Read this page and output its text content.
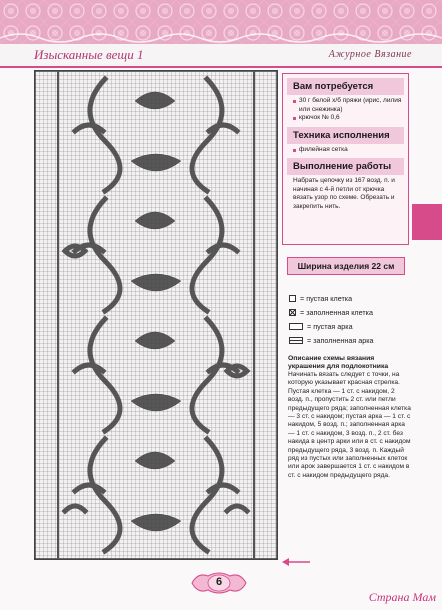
Изысканные вещи 1	Ажурное Вязание
Вам потребуется
30 г белой х/б пряжи (ирис, лилия или снежинка)
крючок № 0,6
Техника исполнения
филейная сетка
Выполнение работы
Набрать цепочку из 167 возд. п. и начиная с 4-й петли от крючка вязать узор по схеме. Обрезать и закрепить нить.
Ширина изделия 22 см
= пустая клетка
= заполненная клетка
= пустая арка
= заполненная арка
Описание схемы вязания украшения для подлокотника
Начинать вязать следует с точки, на которую указывает красная стрелка. Пустая клетка — 1 ст. с накидом, 2 возд. п., пропустить 2 ст. или петли предыдущего ряда; заполненная клетка — 3 ст. с накидом; пустая арка — 1 ст. с накидом, 5 возд. п.; заполненная арка — 1 ст. с накидом, 3 возд. п., 2 ст. без накида в центр арки или в ст. с накидом предыдущего ряда, 3 возд. п. Каждый ряд из пустых или заполненных клеток или арок завершается 1 ст. с накидом в ст. с накидом предыдущего ряда.
6
Страна Мам
